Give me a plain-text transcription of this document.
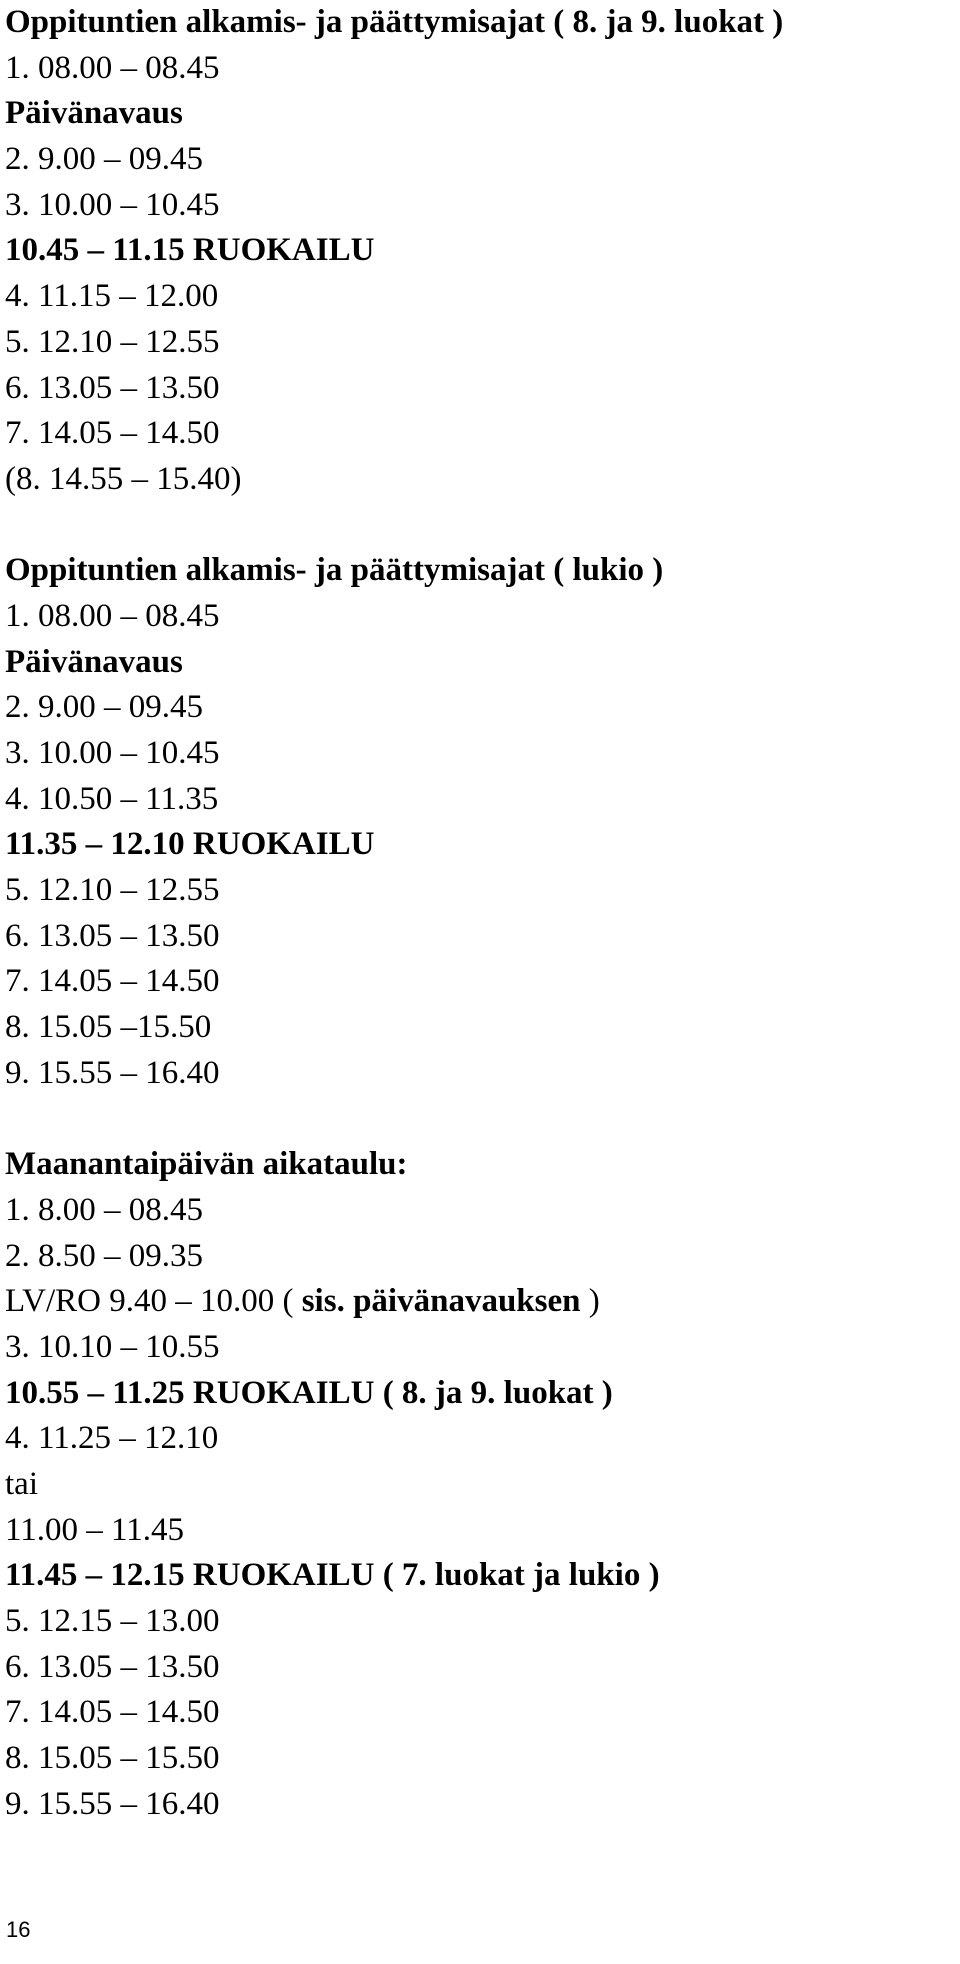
Oppituntien alkamis- ja päättymisajat ( 8. ja 9. luokat )
1. 08.00 – 08.45
Päivänavaus
2. 9.00 – 09.45
3. 10.00 – 10.45
10.45 – 11.15 RUOKAILU
4. 11.15 – 12.00
5. 12.10 – 12.55
6. 13.05 – 13.50
7. 14.05 – 14.50
(8. 14.55 – 15.40)
Oppituntien alkamis- ja päättymisajat ( lukio )
1. 08.00 – 08.45
Päivänavaus
2. 9.00 – 09.45
3. 10.00 – 10.45
4. 10.50 – 11.35
11.35 – 12.10 RUOKAILU
5. 12.10 – 12.55
6. 13.05 – 13.50
7. 14.05 – 14.50
8. 15.05 –15.50
9. 15.55 – 16.40
Maanantaipäivän aikataulu:
1. 8.00 – 08.45
2. 8.50 – 09.35
LV/RO 9.40 – 10.00 ( sis. päivänavauksen )
3. 10.10 – 10.55
10.55 – 11.25 RUOKAILU ( 8. ja 9. luokat )
4. 11.25 – 12.10
tai
11.00 – 11.45
11.45 – 12.15 RUOKAILU ( 7. luokat ja lukio )
5. 12.15 – 13.00
6. 13.05 – 13.50
7. 14.05 – 14.50
8. 15.05 – 15.50
9. 15.55 – 16.40
16
